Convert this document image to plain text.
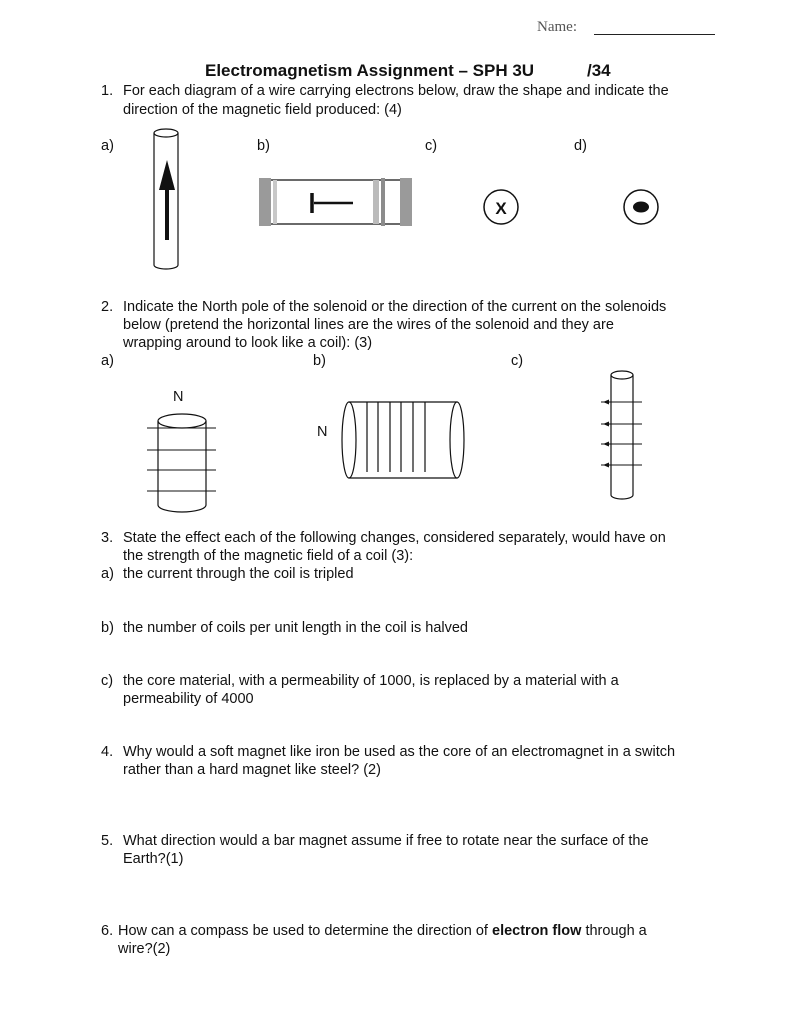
Name:
Electromagnetism Assignment – SPH 3U	/34
1. For each diagram of a wire carrying electrons below, draw the shape and indicate the
direction of the magnetic field produced: (4)
a)	b)	c)	d)
X
2. Indicate the North pole of the solenoid or the direction of the current on the solenoids
below (pretend the horizontal lines are the wires of the solenoid and they are
wrapping around to look like a coil): (3)
a)	b)	c)
N
N
3. State the effect each of the following changes, considered separately, would have on
the strength of the magnetic field of a coil (3):
a) the current through the coil is tripled
b) the number of coils per unit length in the coil is halved
c) the core material, with a permeability of 1000, is replaced by a material with a
permeability of 4000
4. Why would a soft magnet like iron be used as the core of an electromagnet in a switch
rather than a hard magnet like steel? (2)
5. What direction would a bar magnet assume if free to rotate near the surface of the
Earth?(1)
6. How can a compass be used to determine the direction of electron flow through a
wire?(2)
